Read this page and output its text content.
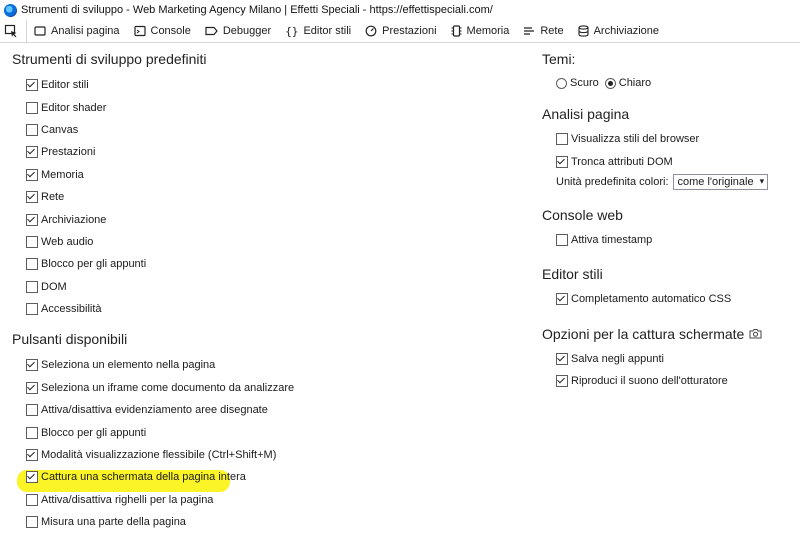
Strumenti di sviluppo - Web Marketing Agency Milano | Effetti Speciali - https://effettispeciali.com/
Analisi pagina	Console	Debugger {} Editor stili	Prestazioni	Memoria	Rete	Archiviazione
Strumenti di sviluppo predefiniti
Editor stili
Editor shader
Canvas
Prestazioni
Memoria
Rete
Archiviazione
Web audio
Blocco per gli appunti
DOM
Accessibilità
Pulsanti disponibili
Seleziona un elemento nella pagina
Seleziona un iframe come documento da analizzare
Attiva/disattiva evidenziamento aree disegnate
Blocco per gli appunti
Modalità visualizzazione flessibile (Ctrl+Shift+M)
Cattura una schermata della pagina intera
Attiva/disattiva righelli per la pagina
Misura una parte della pagina
Temi:
Scuro Chiaro
Analisi pagina
Visualizza stili del browser
Tronca attributi DOM
Unità predefinita colori: come l'originale ▾
Console web
Attiva timestamp
Editor stili
Completamento automatico CSS
Opzioni per la cattura schermate
Salva negli appunti
Riproduci il suono dell'otturatore
